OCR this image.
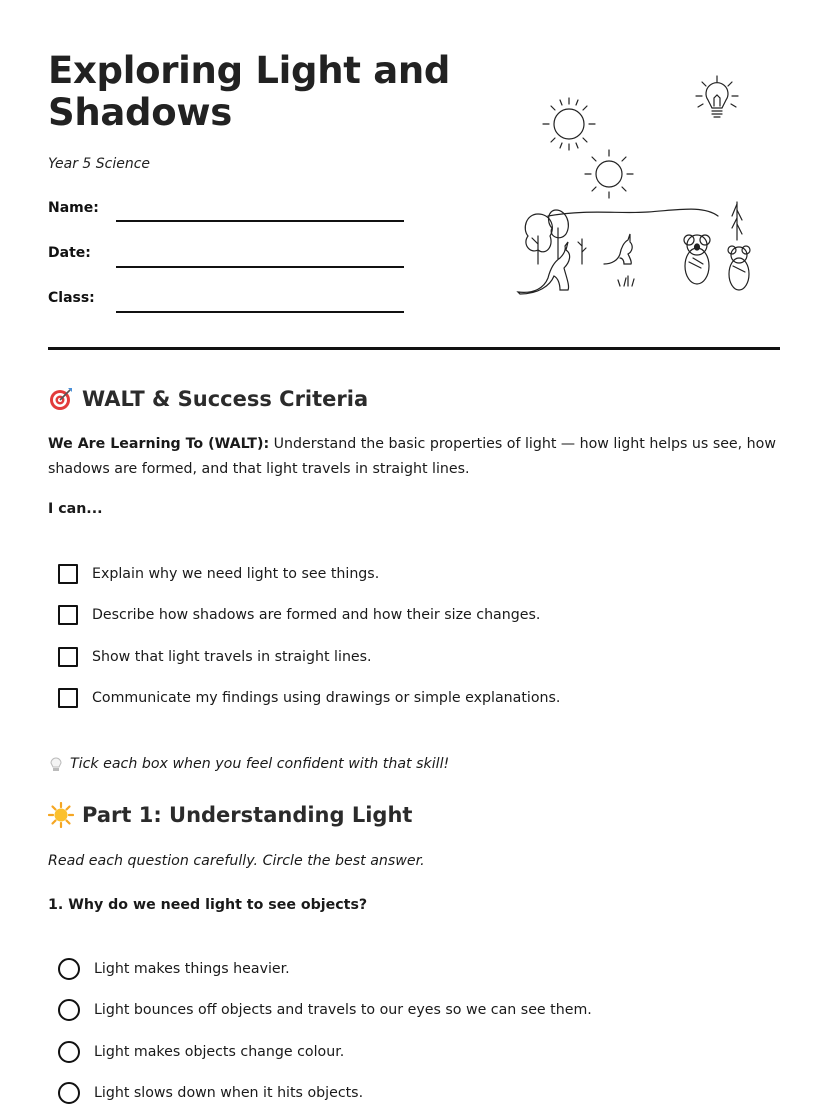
Exploring Light and Shadows
Year 5 Science
Name:
Date:
Class:
WALT & Success Criteria
We Are Learning To (WALT): Understand the basic properties of light — how light helps us see, how shadows are formed, and that light travels in straight lines.
I can...
Explain why we need light to see things.
Describe how shadows are formed and how their size changes.
Show that light travels in straight lines.
Communicate my findings using drawings or simple explanations.
Tick each box when you feel confident with that skill!
Part 1: Understanding Light
Read each question carefully. Circle the best answer.
1. Why do we need light to see objects?
Light makes things heavier.
Light bounces off objects and travels to our eyes so we can see them.
Light makes objects change colour.
Light slows down when it hits objects.
